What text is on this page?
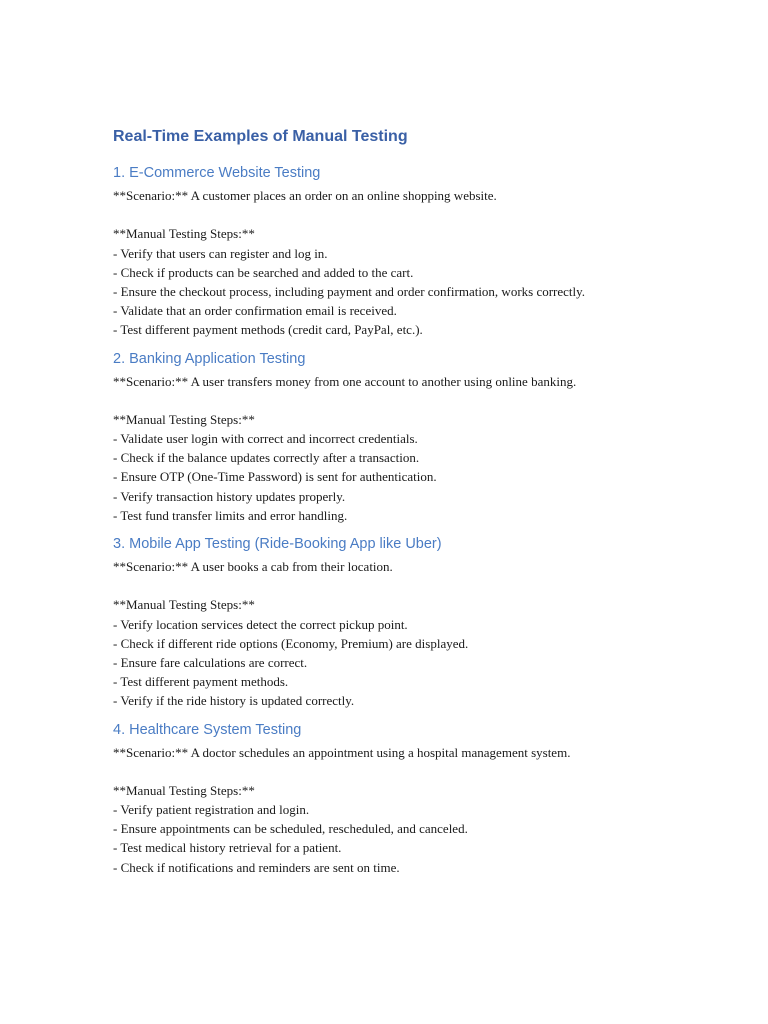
Real-Time Examples of Manual Testing
1. E-Commerce Website Testing

**Scenario:** A customer places an order on an online shopping website.

**Manual Testing Steps:**

- Verify that users can register and log in.

- Check if products can be searched and added to the cart.

- Ensure the checkout process, including payment and order confirmation, works correctly.

- Validate that an order confirmation email is received.

- Test different payment methods (credit card, PayPal, etc.).

2. Banking Application Testing

**Scenario:** A user transfers money from one account to another using online banking.

**Manual Testing Steps:**

- Validate user login with correct and incorrect credentials.

- Check if the balance updates correctly after a transaction.

- Ensure OTP (One-Time Password) is sent for authentication.

- Verify transaction history updates properly.

- Test fund transfer limits and error handling.

3. Mobile App Testing (Ride-Booking App like Uber)

**Scenario:** A user books a cab from their location.

**Manual Testing Steps:**

- Verify location services detect the correct pickup point.

- Check if different ride options (Economy, Premium) are displayed.

- Ensure fare calculations are correct.

- Test different payment methods.

- Verify if the ride history is updated correctly.

4. Healthcare System Testing

**Scenario:** A doctor schedules an appointment using a hospital management system.

**Manual Testing Steps:**

- Verify patient registration and login.

- Ensure appointments can be scheduled, rescheduled, and canceled.

- Test medical history retrieval for a patient.

- Check if notifications and reminders are sent on time.
